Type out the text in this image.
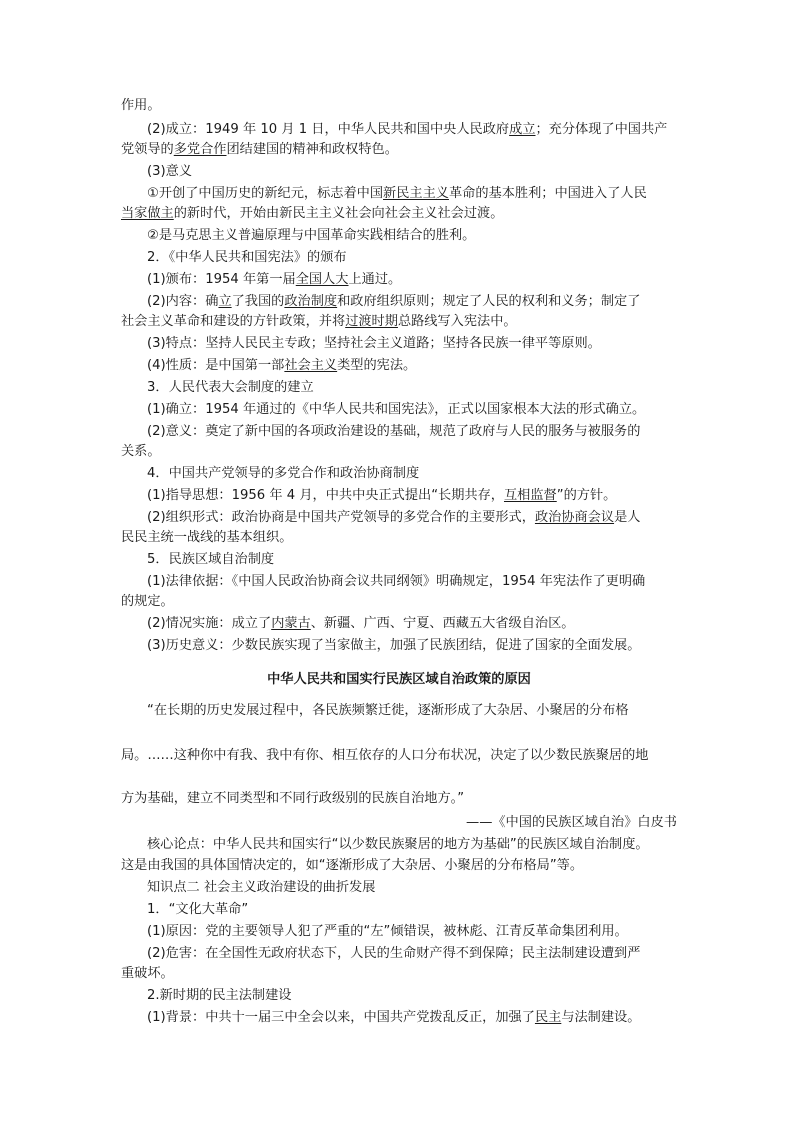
作用。
(2)成立：1949 年 10 月 1 日，中华人民共和国中央人民政府成立；充分体现了中国共产
党领导的多党合作团结建国的精神和政权特色。
(3)意义
①开创了中国历史的新纪元，标志着中国新民主主义革命的基本胜利；中国进入了人民
当家做主的新时代，开始由新民主主义社会向社会主义社会过渡。
②是马克思主义普遍原理与中国革命实践相结合的胜利。
2．《中华人民共和国宪法》的颁布
(1)颁布：1954 年第一届全国人大上通过。
(2)内容：确立了我国的政治制度和政府组织原则；规定了人民的权利和义务；制定了
社会主义革命和建设的方针政策，并将过渡时期总路线写入宪法中。
(3)特点：坚持人民民主专政；坚持社会主义道路；坚持各民族一律平等原则。
(4)性质：是中国第一部社会主义类型的宪法。
3．人民代表大会制度的建立
(1)确立：1954 年通过的《中华人民共和国宪法》，正式以国家根本大法的形式确立。
(2)意义：奠定了新中国的各项政治建设的基础，规范了政府与人民的服务与被服务的
关系。
4．中国共产党领导的多党合作和政治协商制度
(1)指导思想：1956 年 4 月，中共中央正式提出“长期共存，互相监督”的方针。
(2)组织形式：政治协商是中国共产党领导的多党合作的主要形式，政治协商会议是人
民民主统一战线的基本组织。
5．民族区域自治制度
(1)法律依据：《中国人民政治协商会议共同纲领》明确规定，1954 年宪法作了更明确
的规定。
(2)情况实施：成立了内蒙古、新疆、广西、宁夏、西藏五大省级自治区。
(3)历史意义：少数民族实现了当家做主，加强了民族团结，促进了国家的全面发展。
中华人民共和国实行民族区域自治政策的原因
“在长期的历史发展过程中，各民族频繁迁徙，逐渐形成了大杂居、小聚居的分布格
局。……这种你中有我、我中有你、相互依存的人口分布状况，决定了以少数民族聚居的地
方为基础，建立不同类型和不同行政级别的民族自治地方。”
——《中国的民族区域自治》白皮书
核心论点：中华人民共和国实行“以少数民族聚居的地方为基础”的民族区域自治制度。
这是由我国的具体国情决定的，如“逐渐形成了大杂居、小聚居的分布格局”等。
知识点二 社会主义政治建设的曲折发展
1．“文化大革命”
(1)原因：党的主要领导人犯了严重的“左”倾错误，被林彪、江青反革命集团利用。
(2)危害：在全国性无政府状态下，人民的生命财产得不到保障；民主法制建设遭到严
重破坏。
2.新时期的民主法制建设
(1)背景：中共十一届三中全会以来，中国共产党拨乱反正，加强了民主与法制建设。
